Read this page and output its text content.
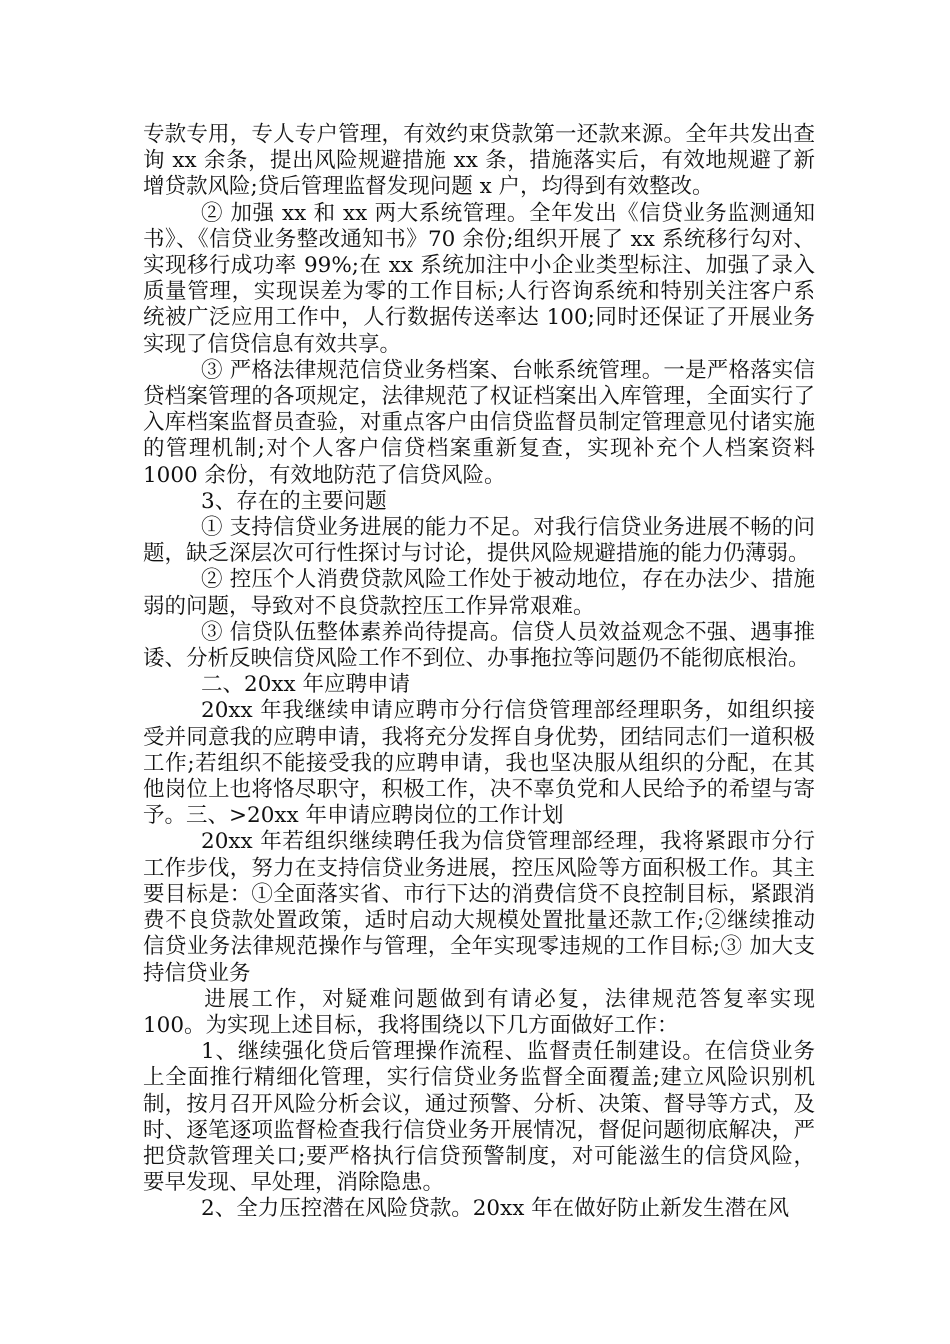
专款专用，专人专户管理，有效约束贷款第一还款来源。全年共发出查询 xx 余条，提出风险规避措施 xx 条，措施落实后，有效地规避了新增贷款风险;贷后管理监督发现问题 x 户，均得到有效整改。

② 加强 xx 和 xx 两大系统管理。全年发出《信贷业务监测通知书》、《信贷业务整改通知书》70 余份;组织开展了 xx 系统移行勾对、实现移行成功率 99%;在 xx 系统加注中小企业类型标注、加强了录入质量管理，实现误差为零的工作目标;人行咨询系统和特别关注客户系统被广泛应用工作中，人行数据传送率达 100;同时还保证了开展业务实现了信贷信息有效共享。

③ 严格法律规范信贷业务档案、台帐系统管理。一是严格落实信贷档案管理的各项规定，法律规范了权证档案出入库管理，全面实行了入库档案监督员查验，对重点客户由信贷监督员制定管理意见付诸实施的管理机制;对个人客户信贷档案重新复查，实现补充个人档案资料 1000 余份，有效地防范了信贷风险。

3、存在的主要问题

① 支持信贷业务进展的能力不足。对我行信贷业务进展不畅的问题，缺乏深层次可行性探讨与讨论，提供风险规避措施的能力仍薄弱。

② 控压个人消费贷款风险工作处于被动地位，存在办法少、措施弱的问题，导致对不良贷款控压工作异常艰难。

③ 信贷队伍整体素养尚待提高。信贷人员效益观念不强、遇事推诿、分析反映信贷风险工作不到位、办事拖拉等问题仍不能彻底根治。

二、20xx 年应聘申请

20xx 年我继续申请应聘市分行信贷管理部经理职务，如组织接受并同意我的应聘申请，我将充分发挥自身优势，团结同志们一道积极工作;若组织不能接受我的应聘申请，我也坚决服从组织的分配，在其他岗位上也将恪尽职守，积极工作，决不辜负党和人民给予的希望与寄予。三、>20xx 年申请应聘岗位的工作计划

20xx 年若组织继续聘任我为信贷管理部经理，我将紧跟市分行工作步伐，努力在支持信贷业务进展，控压风险等方面积极工作。其主要目标是：①全面落实省、市行下达的消费信贷不良控制目标，紧跟消费不良贷款处置政策，适时启动大规模处置批量还款工作;②继续推动信贷业务法律规范操作与管理，全年实现零违规的工作目标;③ 加大支持信贷业务

进展工作，对疑难问题做到有请必复，法律规范答复率实现 100。为实现上述目标，我将围绕以下几方面做好工作：

1、继续强化贷后管理操作流程、监督责任制建设。在信贷业务上全面推行精细化管理，实行信贷业务监督全面覆盖;建立风险识别机制，按月召开风险分析会议，通过预警、分析、决策、督导等方式，及时、逐笔逐项监督检查我行信贷业务开展情况，督促问题彻底解决，严把贷款管理关口;要严格执行信贷预警制度，对可能滋生的信贷风险，要早发现、早处理，消除隐患。

2、全力压控潜在风险贷款。20xx 年在做好防止新发生潜在风
